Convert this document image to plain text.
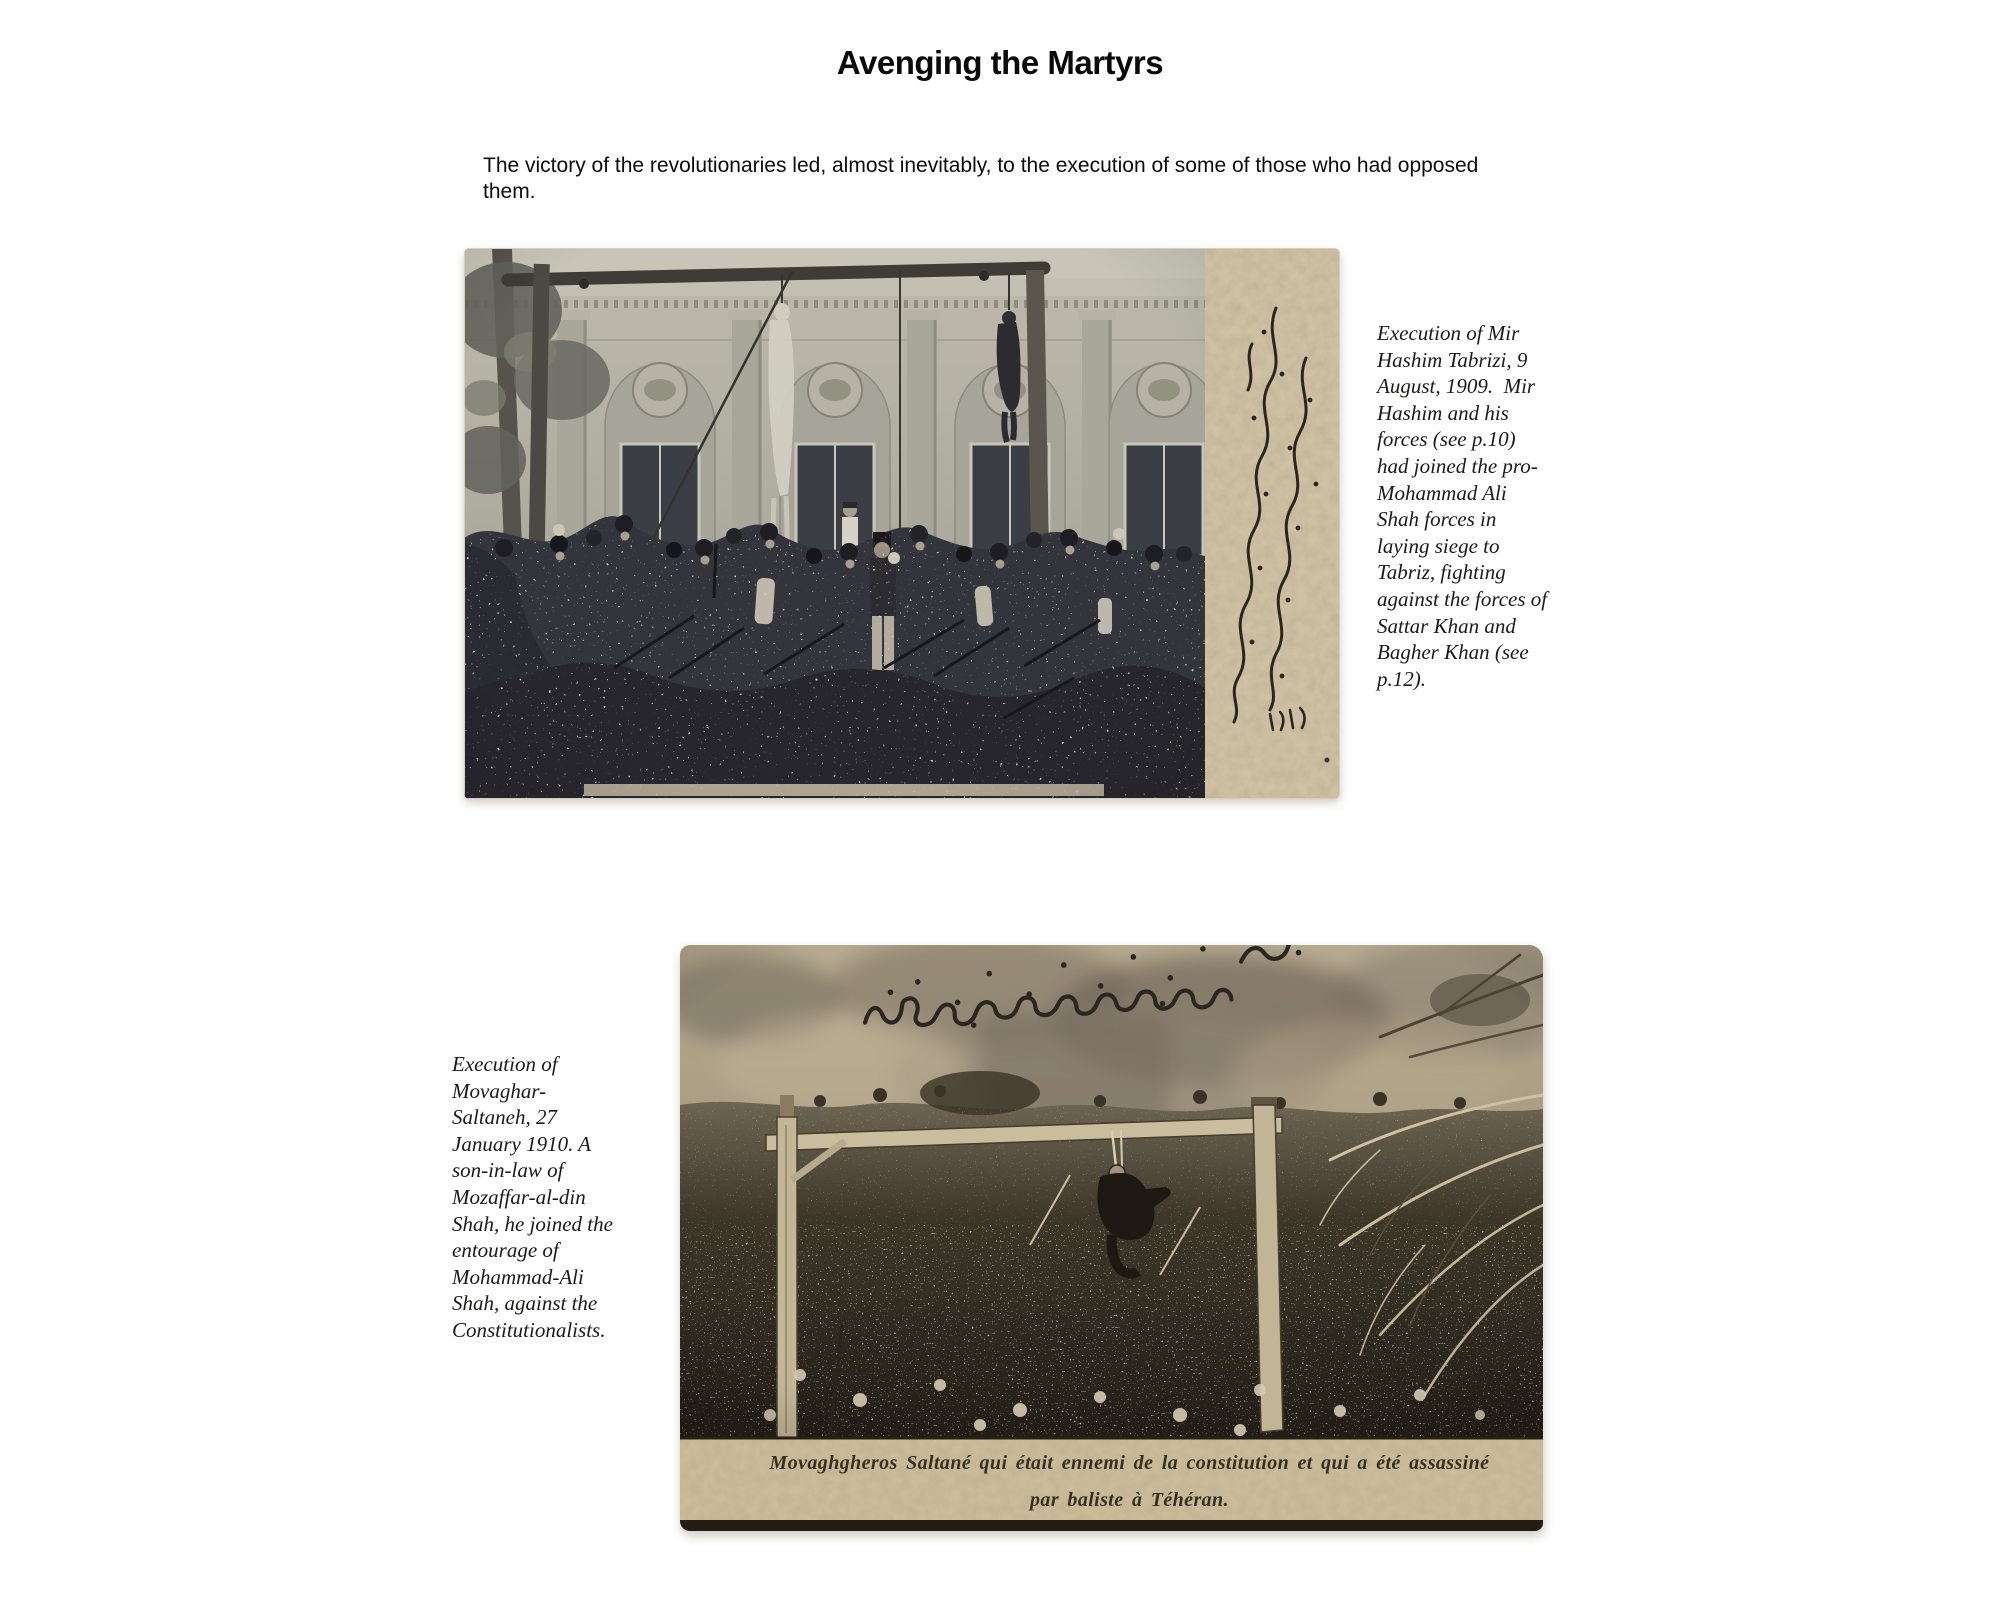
Avenging the Martyrs
The victory of the revolutionaries led, almost inevitably, to the execution of some of those who had opposed
them.
Execution of Mir
Hashim Tabrizi, 9
August, 1909.  Mir
Hashim and his
forces (see p.10)
had joined the pro-
Mohammad Ali
Shah forces in
laying siege to
Tabriz, fighting
against the forces of
Sattar Khan and
Bagher Khan (see
p.12).
Movaghgheros Saltané qui était ennemi de la constitution et qui a été assassiné
par baliste à Téhéran.
Execution of
Movaghar-
Saltaneh, 27
January 1910. A
son-in-law of
Mozaffar-al-din
Shah, he joined the
entourage of
Mohammad-Ali
Shah, against the
Constitutionalists.
